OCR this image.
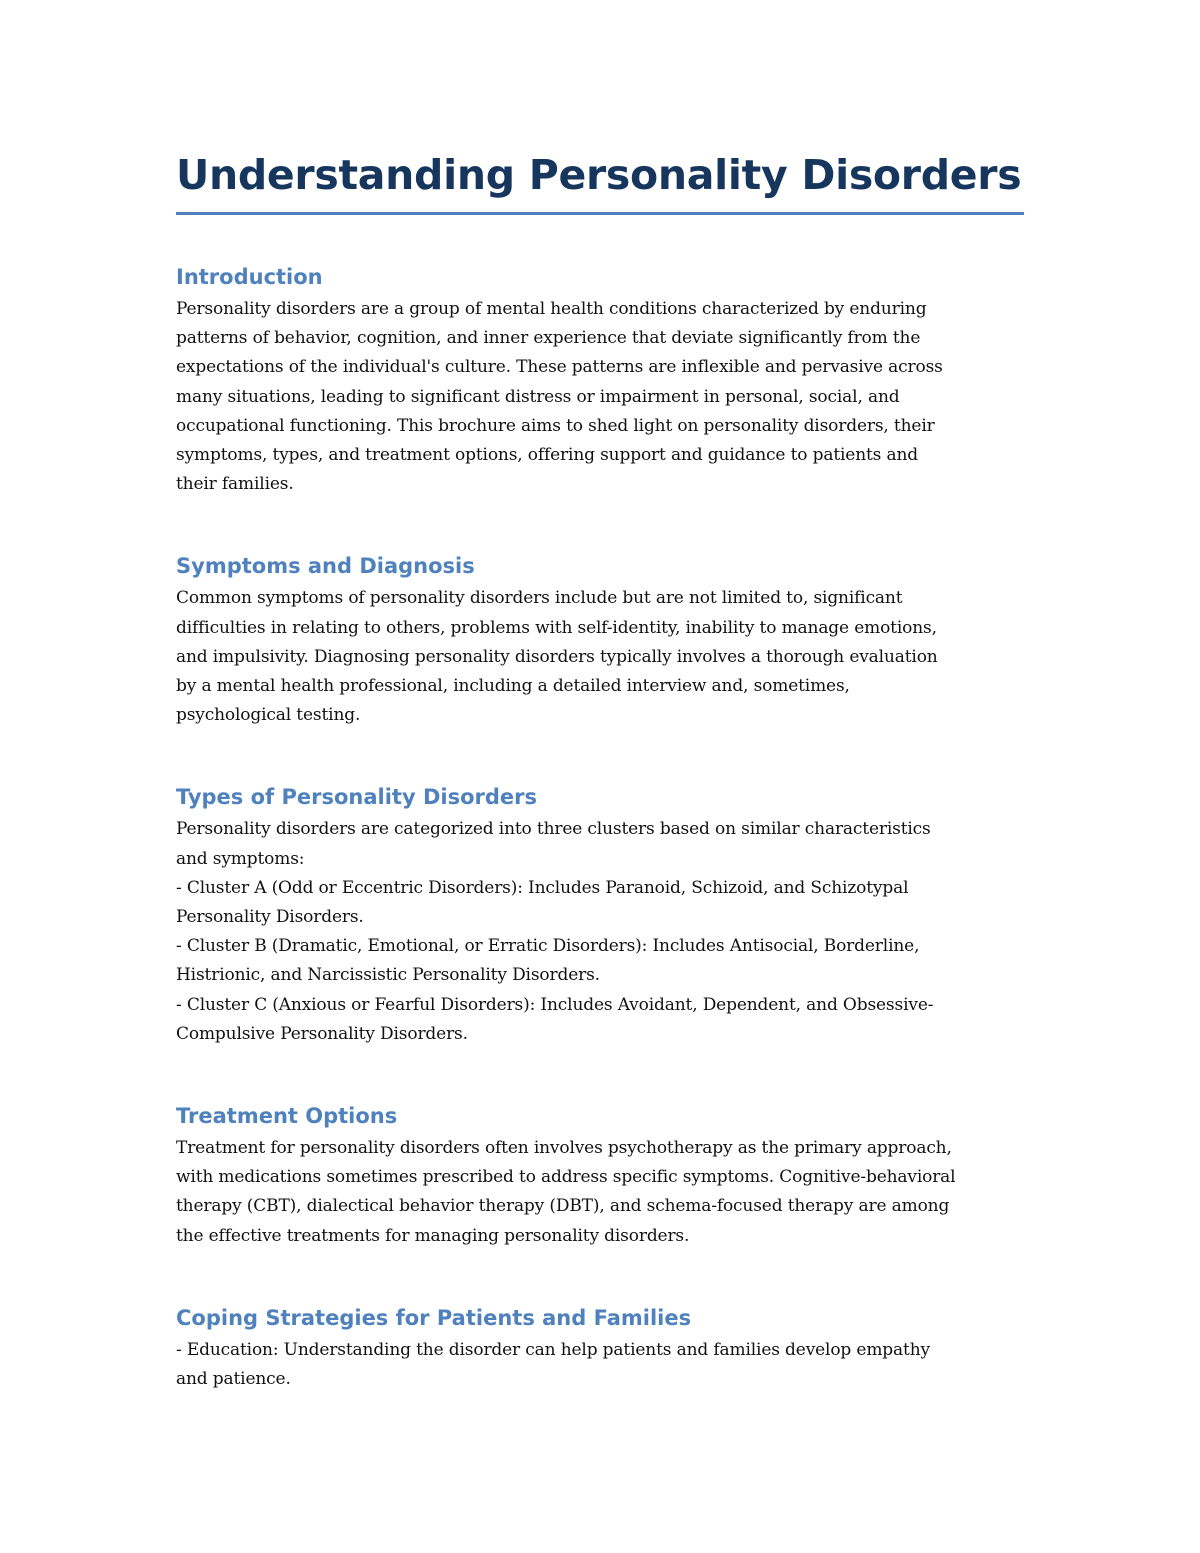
Understanding Personality Disorders
Introduction

Personality disorders are a group of mental health conditions characterized by enduring
patterns of behavior, cognition, and inner experience that deviate significantly from the
expectations of the individual's culture. These patterns are inflexible and pervasive across
many situations, leading to significant distress or impairment in personal, social, and
occupational functioning. This brochure aims to shed light on personality disorders, their
symptoms, types, and treatment options, offering support and guidance to patients and
their families.

Symptoms and Diagnosis

Common symptoms of personality disorders include but are not limited to, significant
difficulties in relating to others, problems with self-identity, inability to manage emotions,
and impulsivity. Diagnosing personality disorders typically involves a thorough evaluation
by a mental health professional, including a detailed interview and, sometimes,
psychological testing.

Types of Personality Disorders

Personality disorders are categorized into three clusters based on similar characteristics
and symptoms:
- Cluster A (Odd or Eccentric Disorders): Includes Paranoid, Schizoid, and Schizotypal
Personality Disorders.
- Cluster B (Dramatic, Emotional, or Erratic Disorders): Includes Antisocial, Borderline,
Histrionic, and Narcissistic Personality Disorders.
- Cluster C (Anxious or Fearful Disorders): Includes Avoidant, Dependent, and Obsessive-
Compulsive Personality Disorders.

Treatment Options

Treatment for personality disorders often involves psychotherapy as the primary approach,
with medications sometimes prescribed to address specific symptoms. Cognitive-behavioral
therapy (CBT), dialectical behavior therapy (DBT), and schema-focused therapy are among
the effective treatments for managing personality disorders.

Coping Strategies for Patients and Families

- Education: Understanding the disorder can help patients and families develop empathy
and patience.
